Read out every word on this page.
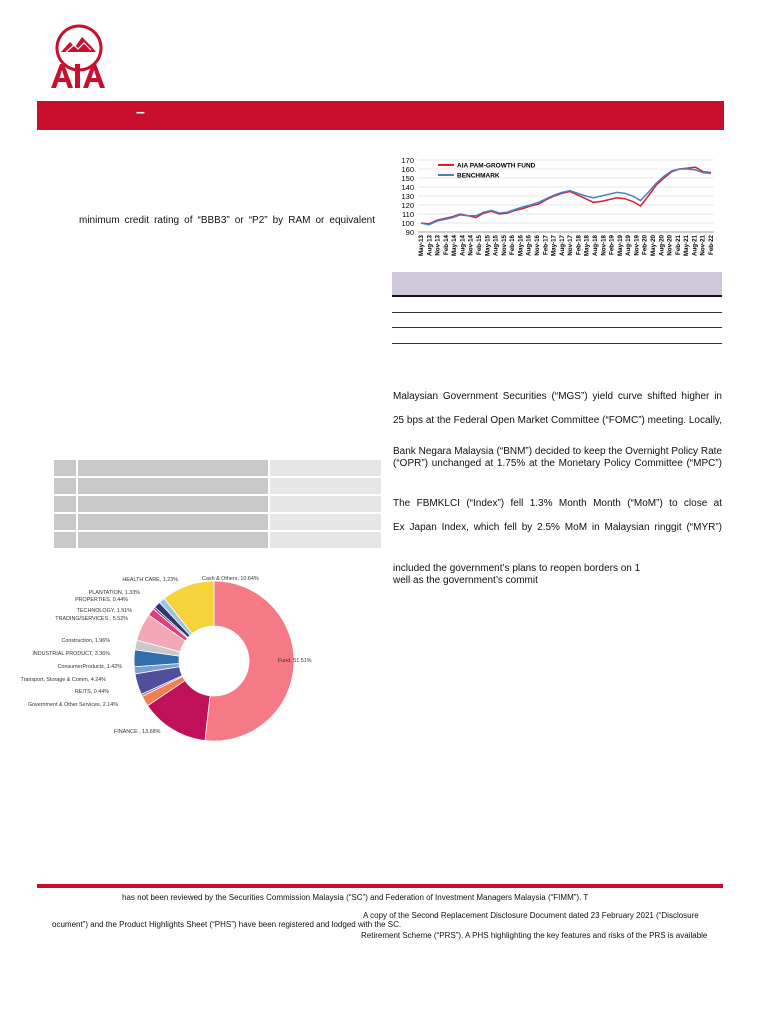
–
minimum credit rating of “BBB3” or “P2” by RAM or equivalent
90
100
110
120
130
140
150
160
170
May-13 Aug-13 Nov-13 Feb-14 May-14 Aug-14 Nov-14 Feb-15 May-15 Aug-15 Nov-15 Feb-16 May-16 Aug-16 Nov-16 Feb-17 May-17 Aug-17 Nov-17 Feb-18 May-18 Aug-18 Nov-18 Feb-19 May-19 Aug-19 Nov-19 Feb-20 May-20 Aug-20 Nov-20 Feb-21 May-21 Aug-21 Nov-21 Feb-22
AIA PAM-GROWTH FUND
BENCHMARK
Malaysian Government Securities (“MGS”) yield curve shifted higher in
25 bps at the Federal Open Market Committee (“FOMC”) meeting. Locally,
Bank Negara Malaysia (“BNM”) decided to keep the Overnight Policy Rate
(“OPR”) unchanged at 1.75% at the Monetary Policy Committee (“MPC”)
The FBMKLCI (“Index”) fell 1.3% Month Month (“MoM”) to close at
Ex Japan Index, which fell by 2.5% MoM in Malaysian ringgit (“MYR”)
included the government’s plans to reopen borders on 1
well as the government’s commit
Fund, 51.51%
FINANCE , 13.68%
Government & Other Services, 2.14%
REITS, 0.44%
Transport, Storage & Comm, 4.24%
ConsumerProducts, 1.42%
INDUSTRIAL PRODUCT, 3.36%
Construction, 1.96%
TRADING/SERVICES , 5.52%
TECHNOLOGY, 1.51%
PROPERTIES, 0.44%
PLANTATION, 1.33%
HEALTH CARE, 1.23%	Cash & Others, 10.64%
has not been reviewed by the Securities Commission Malaysia (“SC”) and Federation of Investment Managers Malaysia (“FIMM”). T
A copy of the Second Replacement Disclosure Document dated 23 February 2021 (“Disclosure
ocument”) and the Product Highlights Sheet (“PHS”) have been registered and lodged with the SC.
Retirement Scheme (“PRS”). A PHS highlighting the key features and risks of the PRS is available
